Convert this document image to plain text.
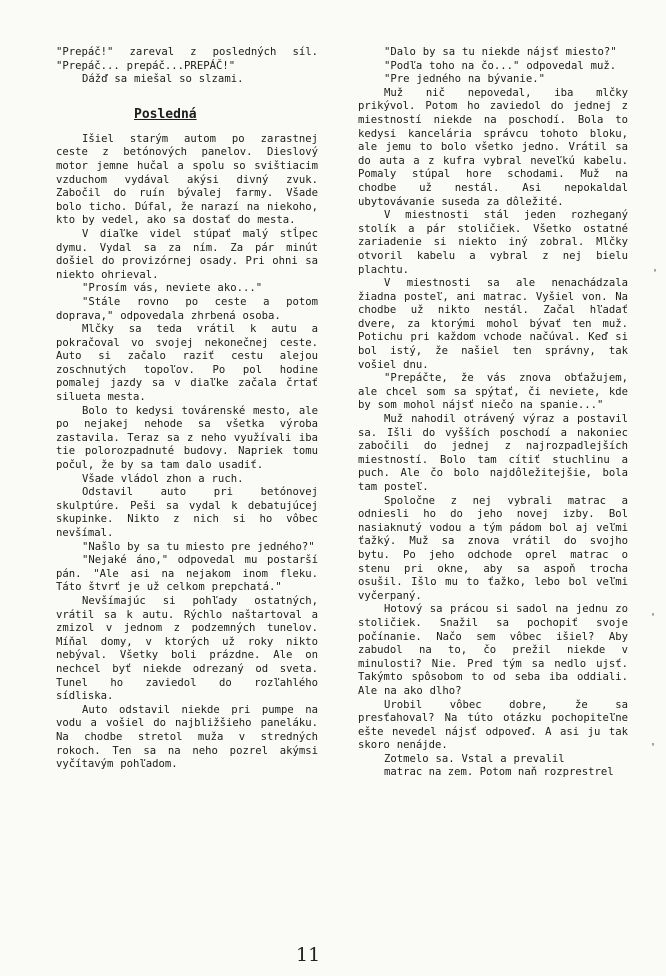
"Prepáč!" zareval z posledných síl. "Prepáč... prepáč...PREPÁČ!"

Dážď sa miešal so slzami.

Posledná

Išiel starým autom po zarastnej ceste z betónových panelov. Dieslový motor jemne hučal a spolu so svištiacim vzduchom vydával akýsi divný zvuk. Zabočil do ruín bývalej farmy. Všade bolo ticho. Dúfal, že narazí na niekoho, kto by vedel, ako sa dostať do mesta.

V diaľke videl stúpať malý stĺpec dymu. Vydal sa za ním. Za pár minút došiel do provizórnej osady. Pri ohni sa niekto ohrieval.

"Prosím vás, neviete ako..."

"Stále rovno po ceste a potom doprava," odpovedala zhrbená osoba.

Mlčky sa teda vrátil k autu a pokračoval vo svojej nekonečnej ceste. Auto si začalo raziť cestu alejou zoschnutých topoľov. Po pol hodine pomalej jazdy sa v diaľke začala črtať silueta mesta.

Bolo to kedysi továrenské mesto, ale po nejakej nehode sa všetka výroba zastavila. Teraz sa z neho využívali iba tie polorozpadnuté budovy. Napriek tomu počul, že by sa tam dalo usadiť.

Všade vládol zhon a ruch.

Odstavil auto pri betónovej skulptúre. Peši sa vydal k debatujúcej skupinke. Nikto z nich si ho vôbec nevšímal.

"Našlo by sa tu miesto pre jedného?"

"Nejaké áno," odpovedal mu postarší pán. "Ale asi na nejakom inom fleku. Táto štvrť je už celkom prepchatá."

Nevšímajúc si pohľady ostatných, vrátil sa k autu. Rýchlo naštartoval a zmizol v jednom z podzemných tunelov. Míňal domy, v ktorých už roky nikto nebýval. Všetky boli prázdne. Ale on nechcel byť niekde odrezaný od sveta. Tunel ho zaviedol do rozľahlého sídliska.

Auto odstavil niekde pri pumpe na vodu a vošiel do najbližšieho paneláku. Na chodbe stretol muža v stredných rokoch. Ten sa na neho pozrel akýmsi vyčítavým pohľadom.

"Dalo by sa tu niekde nájsť miesto?"

"Podľa toho na čo..." odpovedal muž.

"Pre jedného na bývanie."

Muž nič nepovedal, iba mlčky prikývol. Potom ho zaviedol do jednej z miestností niekde na poschodí. Bola to kedysi kancelária správcu tohoto bloku, ale jemu to bolo všetko jedno. Vrátil sa do auta a z kufra vybral neveľkú kabelu. Pomaly stúpal hore schodami. Muž na chodbe už nestál. Asi nepokaldal ubytovávanie suseda za dôležité.

V miestnosti stál jeden rozheganý stolík a pár stoličiek. Všetko ostatné zariadenie si niekto iný zobral. Mlčky otvoril kabelu a vybral z nej bielu plachtu.

V miestnosti sa ale nenachádzala žiadna posteľ, ani matrac. Vyšiel von. Na chodbe už nikto nestál. Začal hľadať dvere, za ktorými mohol bývať ten muž. Potichu pri každom vchode načúval. Keď si bol istý, že našiel ten správny, tak vošiel dnu.

"Prepáčte, že vás znova obťažujem, ale chcel som sa spýtať, či neviete, kde by som mohol nájsť niečo na spanie..."

Muž nahodil otrávený výraz a postavil sa. Išli do vyšších poschodí a nakoniec zabočili do jednej z najrozpadlejších miestností. Bolo tam cítiť stuchlinu a puch. Ale čo bolo najdôležitejšie, bola tam posteľ.

Spoločne z nej vybrali matrac a odniesli ho do jeho novej izby. Bol nasiaknutý vodou a tým pádom bol aj veľmi ťažký. Muž sa znova vrátil do svojho bytu. Po jeho odchode oprel matrac o stenu pri okne, aby sa aspoň trocha osušil. Išlo mu to ťažko, lebo bol veľmi vyčerpaný.

Hotový sa prácou si sadol na jednu zo stoličiek. Snažil sa pochopiť svoje počínanie. Načo sem vôbec išiel? Aby zabudol na to, čo prežil niekde v minulosti? Nie. Pred tým sa nedlo ujsť. Takýmto spôsobom to od seba iba oddiali. Ale na ako dlho?

Urobil vôbec dobre, že sa presťahoval? Na túto otázku pochopiteľne ešte nevedel nájsť odpoveď. A asi ju tak skoro nenájde.

Zotmelo sa. Vstal a prevalil

matrac na zem. Potom naň rozprestrel
11
'
'
'
